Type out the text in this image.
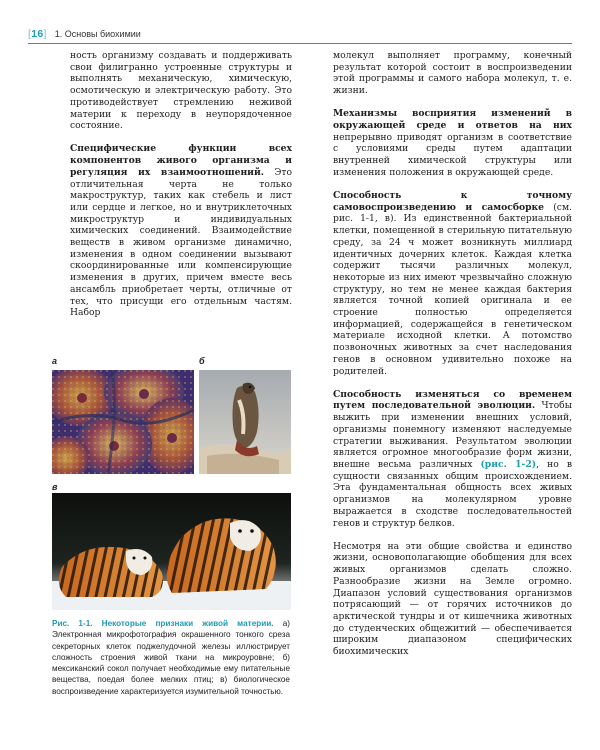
[16] 1. Основы биохимии

ность организму создавать и поддерживать свои филигранно устроенные структуры и выполнять механическую, химическую, осмотическую и электрическую работу. Это противодействует стремлению неживой материи к переходу в неупорядоченное состояние.

Специфические функции всех компонентов живого организма и регуляция их взаимоотношений. Это отличительная черта не только макроструктур, таких как стебель и лист или сердце и легкое, но и внутриклеточных микроструктур и индивидуальных химических соединений. Взаимодействие веществ в живом организме динамично, изменения в одном соединении вызывают скоординированные или компенсирующие изменения в других, причем вместе весь ансамбль приобретает черты, отличные от тех, что присущи его отдельным частям. Набор

молекул выполняет программу, конечный результат которой состоит в воспроизведении этой программы и самого набора молекул, т. е. жизни.

Механизмы восприятия изменений в окружающей среде и ответов на них непрерывно приводят организм в соответствие с условиями среды путем адаптации внутренней химической структуры или изменения положения в окружающей среде.

Способность к точному самовоспроизведению и самосборке (см. рис. 1-1, в). Из единственной бактериальной клетки, помещенной в стерильную питательную среду, за 24 ч может возникнуть миллиард идентичных дочерних клеток. Каждая клетка содержит тысячи различных молекул, некоторые из них имеют чрезвычайно сложную структуру, но тем не менее каждая бактерия является точной копией оригинала и ее строение полностью определяется информацией, содержащейся в генетическом материале исходной клетки. А потомство позвоночных животных за счет наследования генов в основном удивительно похоже на родителей.

Способность изменяться со временем путем последовательной эволюции. Чтобы выжить при изменении внешних условий, организмы понемногу изменяют наследуемые стратегии выживания. Результатом эволюции является огромное многообразие форм жизни, внешне весьма различных (рис. 1-2), но в сущности связанных общим происхождением. Эта фундаментальная общность всех живых организмов на молекулярном уровне выражается в сходстве последовательностей генов и структур белков.

Несмотря на эти общие свойства и единство жизни, основополагающие обобщения для всех живых организмов сделать сложно. Разнообразие жизни на Земле огромно. Диапазон условий существования организмов потрясающий — от горячих источников до арктической тундры и от кишечника животных до студенческих общежитий — обеспечивается широким диапазоном специфических биохимических

а	б
в
Рис. 1-1. Некоторые признаки живой материи. а) Электронная микрофотография окрашенного тонкого среза секреторных клеток поджелудочной железы иллюстрирует сложность строения живой ткани на микроуровне; б) мексиканский сокол получает необходимые ему питательные вещества, поедая более мелких птиц; в) биологическое воспроизведение характеризуется изумительной точностью.
